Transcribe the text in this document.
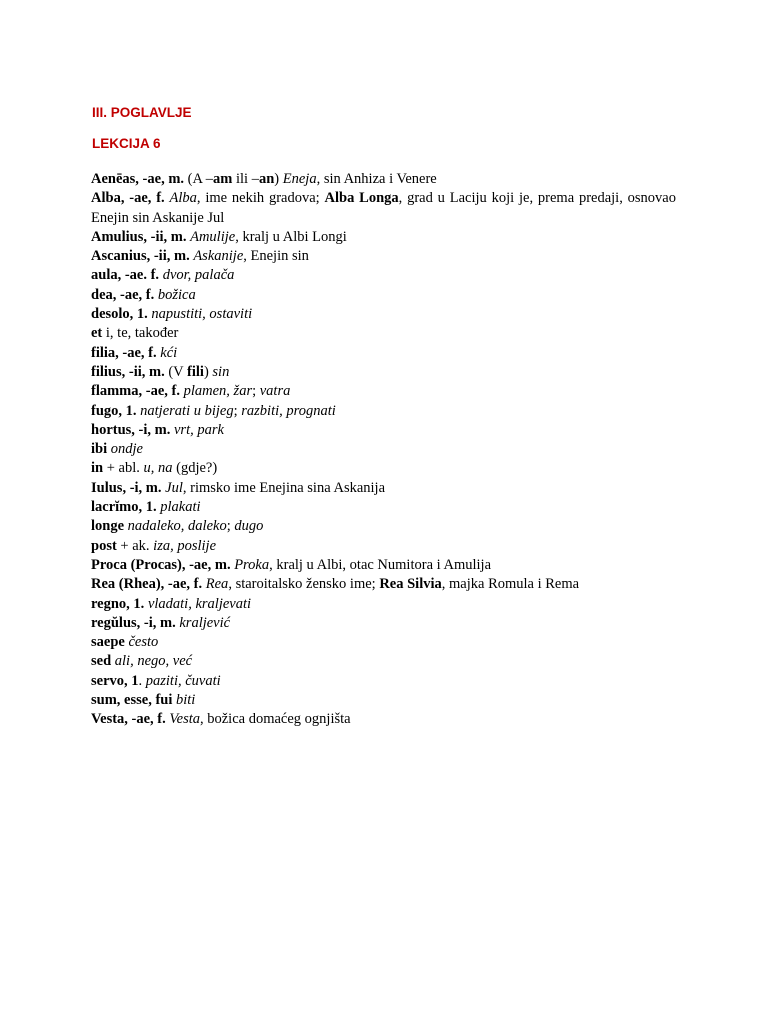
III. POGLAVLJE
LEKCIJA 6

Aenēas, -ae, m. (A –am ili –an) Eneja, sin Anhiza i Venere

Alba, -ae, f. Alba, ime nekih gradova; Alba Longa, grad u Laciju koji je, prema predaji, osnovao Enejin sin Askanije Jul

Amulius, -ii, m. Amulije, kralj u Albi Longi

Ascanius, -ii, m. Askanije, Enejin sin

aula, -ae. f. dvor, palača

dea, -ae, f. božica

desolo, 1. napustiti, ostaviti

et i, te, također

filia, -ae, f. kći

filius, -ii, m. (V fili) sin

flamma, -ae, f. plamen, žar; vatra

fugo, 1. natjerati u bijeg; razbiti, prognati

hortus, -i, m. vrt, park

ibi ondje

in + abl. u, na (gdje?)

Iulus, -i, m. Jul, rimsko ime Enejina sina Askanija

lacrĭmo, 1. plakati

longe nadaleko, daleko; dugo

post + ak. iza, poslije

Proca (Procas), -ae, m. Proka, kralj u Albi, otac Numitora i Amulija

Rea (Rhea), -ae, f. Rea, staroitalsko žensko ime; Rea Silvia, majka Romula i Rema

regno, 1. vladati, kraljevati

regŭlus, -i, m. kraljević

saepe često

sed ali, nego, već

servo, 1. paziti, čuvati

sum, esse, fui biti

Vesta, -ae, f. Vesta, božica domaćeg ognjišta
